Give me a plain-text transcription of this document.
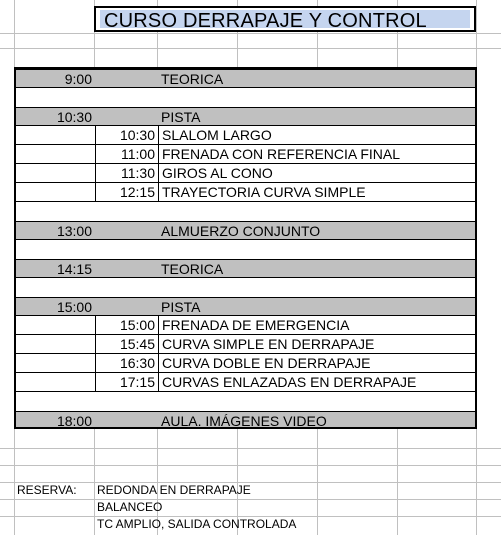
CURSO DERRAPAJE Y CONTROL
9:00	TEORICA
10:30	PISTA
10:30 SLALOM LARGO
11:00 FRENADA CON REFERENCIA FINAL
11:30 GIROS AL CONO
12:15 TRAYECTORIA CURVA SIMPLE
13:00	ALMUERZO CONJUNTO
14:15	TEORICA
15:00	PISTA
15:00 FRENADA DE EMERGENCIA
15:45 CURVA SIMPLE EN DERRAPAJE
16:30 CURVA DOBLE EN DERRAPAJE
17:15 CURVAS ENLAZADAS EN DERRAPAJE
18:00	AULA. IMÁGENES VIDEO
RESERVA: REDONDA EN DERRAPAJE
BALANCEO
TC AMPLIO, SALIDA CONTROLADA
